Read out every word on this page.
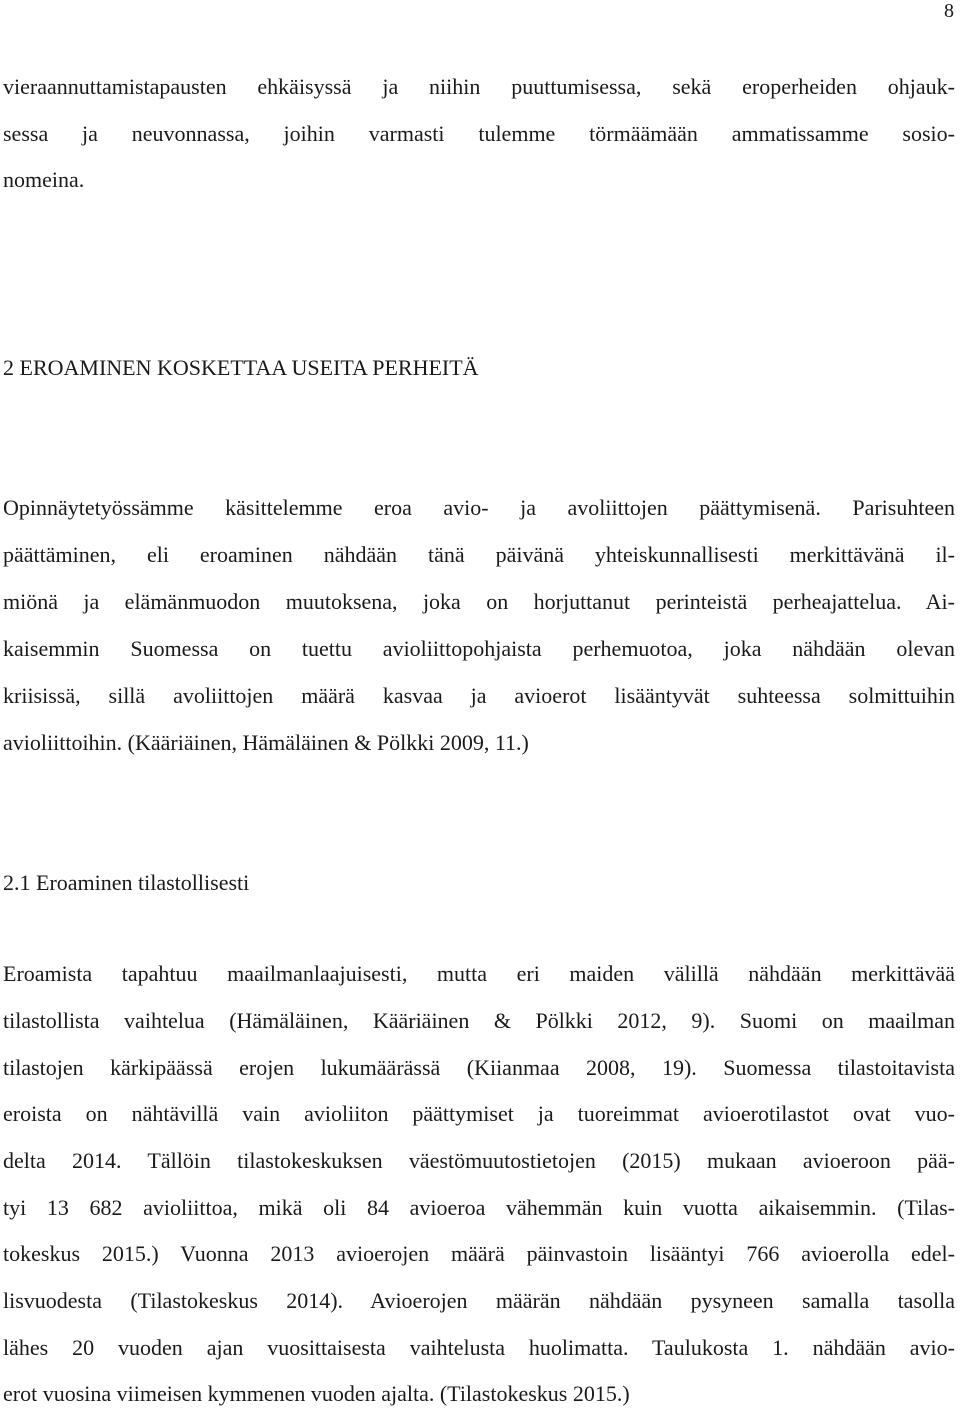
8
vieraannuttamistapausten ehkäisyssä ja niihin puuttumisessa, sekä eroperheiden ohjauk-
sessa ja neuvonnassa, joihin varmasti tulemme törmäämään ammatissamme sosio-
nomeina.
2 EROAMINEN KOSKETTAA USEITA PERHEITÄ
Opinnäytetyössämme käsittelemme eroa avio- ja avoliittojen päättymisenä. Parisuhteen
päättäminen, eli eroaminen nähdään tänä päivänä yhteiskunnallisesti merkittävänä il-
miönä ja elämänmuodon muutoksena, joka on horjuttanut perinteistä perheajattelua. Ai-
kaisemmin Suomessa on tuettu avioliittopohjaista perhemuotoa, joka nähdään olevan
kriisissä, sillä avoliittojen määrä kasvaa ja avioerot lisääntyvät suhteessa solmittuihin
avioliittoihin. (Kääriäinen, Hämäläinen & Pölkki 2009, 11.)
2.1 Eroaminen tilastollisesti
Eroamista tapahtuu maailmanlaajuisesti, mutta eri maiden välillä nähdään merkittävää
tilastollista vaihtelua (Hämäläinen, Kääriäinen & Pölkki 2012, 9). Suomi on maailman
tilastojen kärkipäässä erojen lukumäärässä (Kiianmaa 2008, 19). Suomessa tilastoitavista
eroista on nähtävillä vain avioliiton päättymiset ja tuoreimmat avioerotilastot ovat vuo-
delta 2014. Tällöin tilastokeskuksen väestömuutostietojen (2015) mukaan avioeroon pää-
tyi 13 682 avioliittoa, mikä oli 84 avioeroa vähemmän kuin vuotta aikaisemmin. (Tilas-
tokeskus 2015.) Vuonna 2013 avioerojen määrä päinvastoin lisääntyi 766 avioerolla edel-
lisvuodesta (Tilastokeskus 2014). Avioerojen määrän nähdään pysyneen samalla tasolla
lähes 20 vuoden ajan vuosittaisesta vaihtelusta huolimatta. Taulukosta 1. nähdään avio-
erot vuosina viimeisen kymmenen vuoden ajalta. (Tilastokeskus 2015.)
